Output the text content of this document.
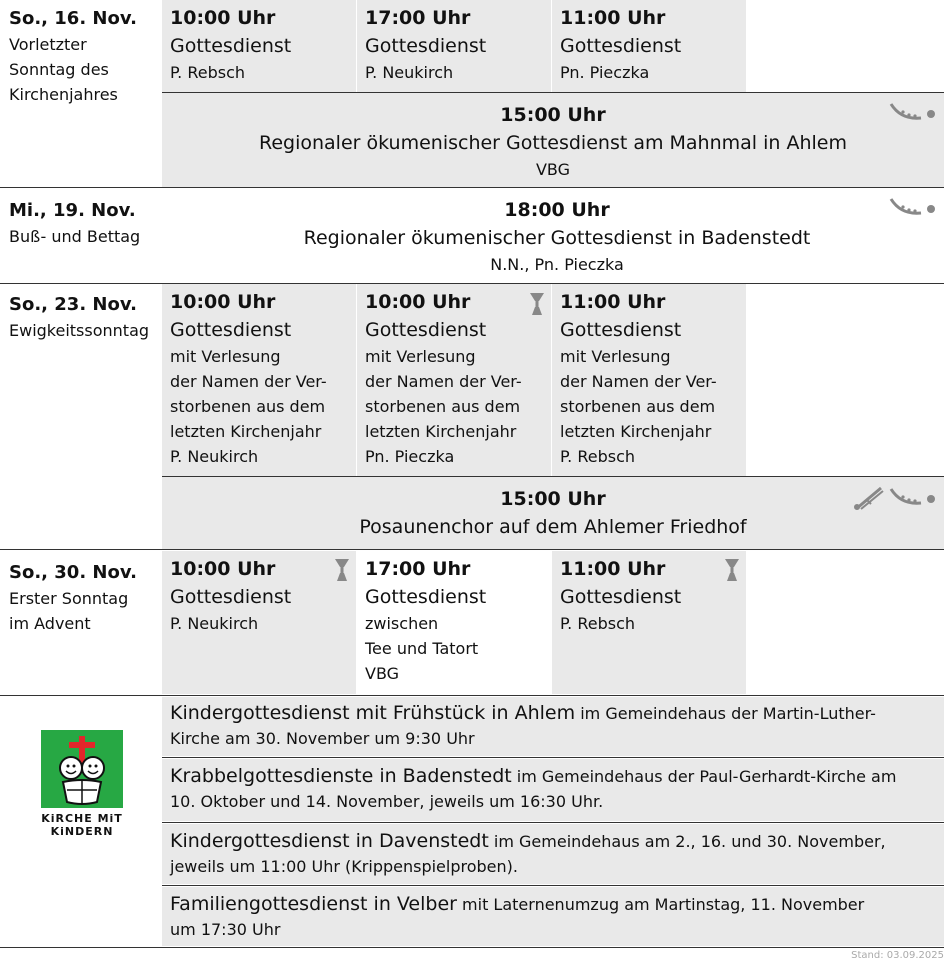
So., 16. Nov.
Vorletzter
Sonntag des
Kirchenjahres
10:00 Uhr
Gottesdienst
P. Rebsch
17:00 Uhr
Gottesdienst
P. Neukirch
11:00 Uhr
Gottesdienst
Pn. Pieczka
15:00 Uhr
Regionaler ökumenischer Gottesdienst am Mahnmal in Ahlem
VBG
Mi., 19. Nov.
Buß- und Bettag
18:00 Uhr
Regionaler ökumenischer Gottesdienst in Badenstedt
N.N., Pn. Pieczka
So., 23. Nov.
Ewigkeitssonntag
10:00 Uhr
Gottesdienst
mit Verlesung
der Namen der Ver-
storbenen aus dem
letzten Kirchenjahr
P. Neukirch
10:00 Uhr
Gottesdienst
mit Verlesung
der Namen der Ver-
storbenen aus dem
letzten Kirchenjahr
Pn. Pieczka
11:00 Uhr
Gottesdienst
mit Verlesung
der Namen der Ver-
storbenen aus dem
letzten Kirchenjahr
P. Rebsch
15:00 Uhr
Posaunenchor auf dem Ahlemer Friedhof
So., 30. Nov.
Erster Sonntag
im Advent
10:00 Uhr
Gottesdienst
P. Neukirch
17:00 Uhr
Gottesdienst
zwischen
Tee und Tatort
VBG
11:00 Uhr
Gottesdienst
P. Rebsch
KiRCHE MiT
KiNDERN
Kindergottesdienst mit Frühstück in Ahlem im Gemeindehaus der Martin-Luther-
Kirche am 30. November um 9:30 Uhr
Krabbelgottesdienste in Badenstedt im Gemeindehaus der Paul-Gerhardt-Kirche am
10. Oktober und 14. November, jeweils um 16:30 Uhr.
Kindergottesdienst in Davenstedt im Gemeindehaus am 2., 16. und 30. November,
jeweils um 11:00 Uhr (Krippenspielproben).
Familiengottesdienst in Velber mit Laternenumzug am Martinstag, 11. November
um 17:30 Uhr
Stand: 03.09.2025
